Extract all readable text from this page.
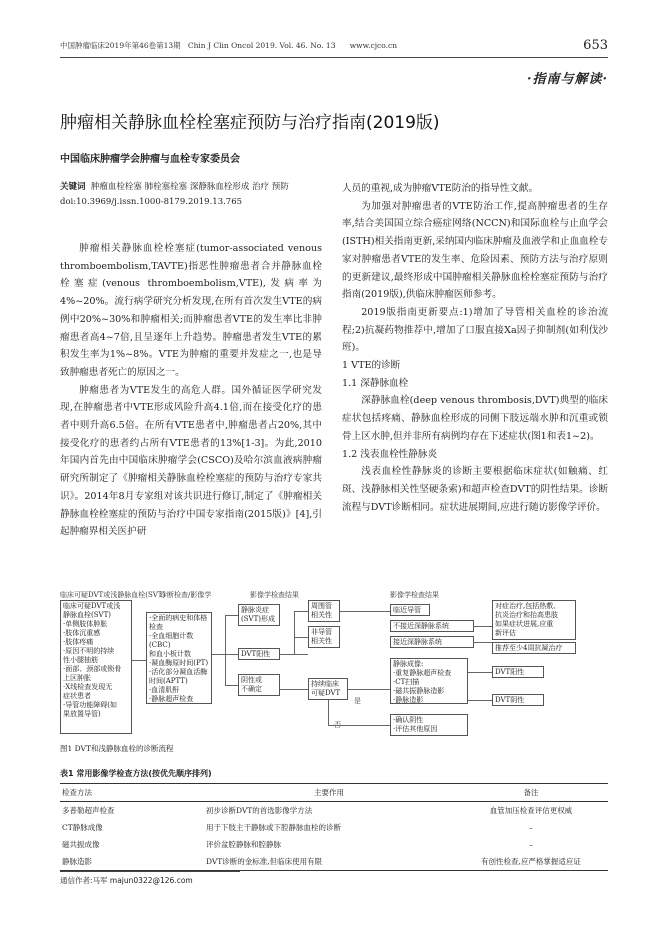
中国肿瘤临床2019年第46卷第13期   Chin J Clin Oncol 2019. Vol. 46. No. 13      www.cjco.cn	653
·指南与解读·
肿瘤相关静脉血栓栓塞症预防与治疗指南(2019版)
中国临床肿瘤学会肿瘤与血栓专家委员会
关键词 肿瘤血栓栓塞 肺栓塞栓塞 深静脉血栓形成 治疗 预防
doi:10.3969/j.issn.1000-8179.2019.13.765

肿瘤相关静脉血栓栓塞症(tumor-associated venous thromboembolism,TAVTE)指恶性肿瘤患者合并静脉血栓栓塞症(venous thromboembolism,VTE),发病率为4%~20%。流行病学研究分析发现,在所有首次发生VTE的病例中20%~30%和肿瘤相关;而肿瘤患者VTE的发生率比非肿瘤患者高4~7倍,且呈逐年上升趋势。肿瘤患者发生VTE的累积发生率为1%~8%。VTE为肿瘤的重要并发症之一,也是导致肿瘤患者死亡的原因之一。

肿瘤患者为VTE发生的高危人群。国外循证医学研究发现,在肿瘤患者中VTE形成风险升高4.1倍,而在接受化疗的患者中则升高6.5倍。在所有VTE患者中,肿瘤患者占20%,其中接受化疗的患者约占所有VTE患者的13%[1-3]。为此,2010年国内首先由中国临床肿瘤学会(CSCO)及哈尔滨血液病肿瘤研究所制定了《肿瘤相关静脉血栓栓塞症的预防与治疗专家共识》。2014年8月专家组对该共识进行修订,制定了《肿瘤相关静脉血栓栓塞症的预防与治疗中国专家指南(2015版)》[4],引起肿瘤界相关医护研

人员的重视,成为肿瘤VTE防治的指导性文献。

为加强对肿瘤患者的VTE防治工作,提高肿瘤患者的生存率,结合美国国立综合癌症网络(NCCN)和国际血栓与止血学会(ISTH)相关指南更新,采纳国内临床肿瘤及血液学和止血血栓专家对肿瘤患者VTE的发生率、危险因素、预防方法与治疗原则的更新建议,最终形成中国肿瘤相关静脉血栓栓塞症预防与治疗指南(2019版),供临床肿瘤医师参考。

2019版指南更新要点:1)增加了导管相关血栓的诊治流程;2)抗凝药物推荐中,增加了口服直接Xa因子抑制剂(如利伐沙班)。

1 VTE的诊断

1.1 深静脉血栓

深静脉血栓(deep venous thrombosis,DVT)典型的临床症状包括疼痛、静脉血栓形成的同侧下肢远端水肿和沉重或锁骨上区水肿,但并非所有病例均存在下述症状(图1和表1~2)。

1.2 浅表血栓性静脉炎

浅表血栓性静脉炎的诊断主要根据临床症状(如触痛、红斑、浅静脉相关性坚硬条索)和超声检查DVT的阴性结果。诊断流程与DVT诊断相同。症状进展期间,应进行随访影像学评价。

临床可疑DVT或浅静脉血栓(SVT)
诊断检查/影像学	影像学检查结果	影像学检查结果
临床可疑DVT或浅
静脉血栓(SVT)
·单侧肢体肿胀
·肢体沉重感
·肢体疼痛
·原因不明的持续
性小腿抽筋
·面部、颈部或锁骨
上区肿胀
·X线检查发现无
症状患者
·导管功能障碍(如
果放置导管)
·全面的病史和体格
检查
·全血细胞计数(CBC)
和血小板计数
·凝血酶原时间(PT)
·活化部分凝血活酶
时间(APTT)
·血清肌酐
·静脉超声检查
静脉炎症
(SVT)形成
DVT阳性
阴性或
不确定
周围管
相关性
非导管
相关性
持续临床
可疑DVT
是
临近导管
不接近深静脉系统
接近深静脉系统
静脉成像:
·重复静脉超声检查
·CT扫描
·磁共振静脉造影
·静脉造影
·确认阴性
·评估其他原因
对症治疗,包括热敷、
抗炎治疗和抬高患肢
如果症状进展,应重
新评估
推荐至少4周抗凝治疗
DVT阳性
DVT阴性
图1 DVT和浅静脉血栓的诊断流程
表1 常用影像学检查方法(按优先顺序排列)
检查方法	主要作用	备注
多普勒超声检查	初步诊断DVT的首选影像学方法	血管加压检查评估更权威
CT静脉成像	用于下肢主干静脉或下腔静脉血栓的诊断	–
磁共振成像	评价盆腔静脉和腔静脉	–
静脉造影	DVT诊断的金标准,但临床使用有限	有创性检查,应严格掌握适应证
通信作者:马军 majun0322@126.com
